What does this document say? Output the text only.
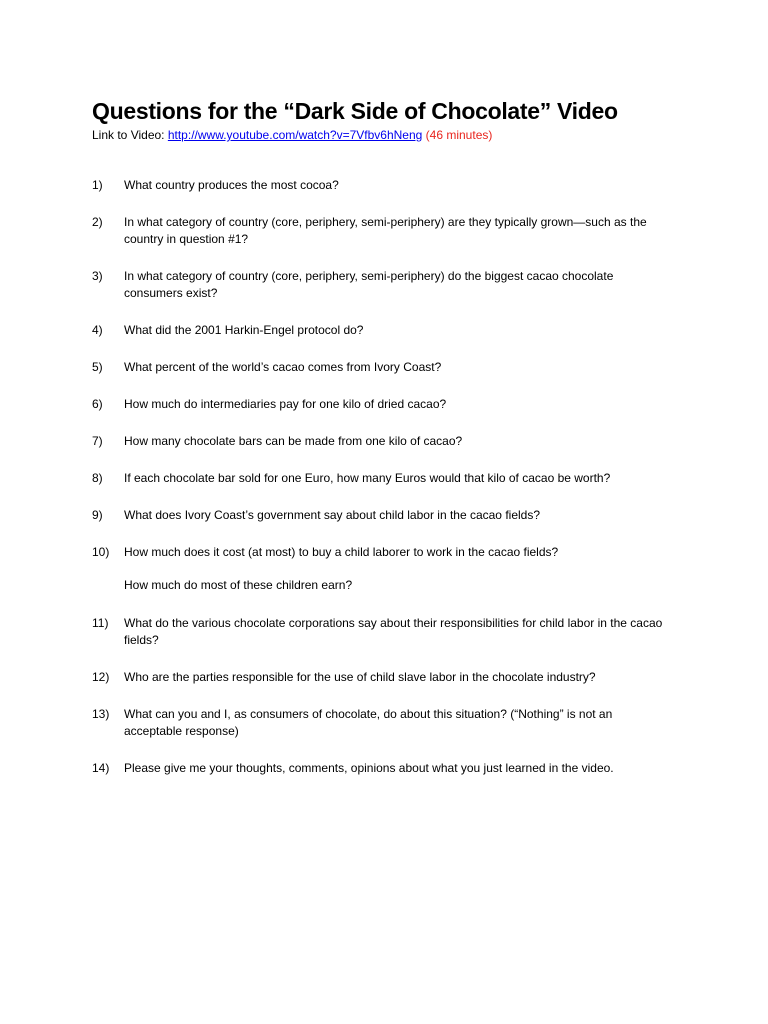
Questions for the “Dark Side of Chocolate” Video
Link to Video: http://www.youtube.com/watch?v=7Vfbv6hNeng (46 minutes)
1)	What country produces the most cocoa?
2)	In what category of country (core, periphery, semi-periphery) are they typically grown—such as the country in question #1?
3)	In what category of country (core, periphery, semi-periphery) do the biggest cacao chocolate consumers exist?
4)	What did the 2001 Harkin-Engel protocol do?
5)	What percent of the world’s cacao comes from Ivory Coast?
6)	How much do intermediaries pay for one kilo of dried cacao?
7)	How many chocolate bars can be made from one kilo of cacao?
8)	If each chocolate bar sold for one Euro, how many Euros would that kilo of cacao be worth?
9)	What does Ivory Coast’s government say about child labor in the cacao fields?
10)	How much does it cost (at most) to buy a child laborer to work in the cacao fields?
How much do most of these children earn?
11)	What do the various chocolate corporations say about their responsibilities for child labor in the cacao fields?
12)	Who are the parties responsible for the use of child slave labor in the chocolate industry?
13)	What can you and I, as consumers of chocolate, do about this situation? (“Nothing” is not an acceptable response)
14)	Please give me your thoughts, comments, opinions about what you just learned in the video.
